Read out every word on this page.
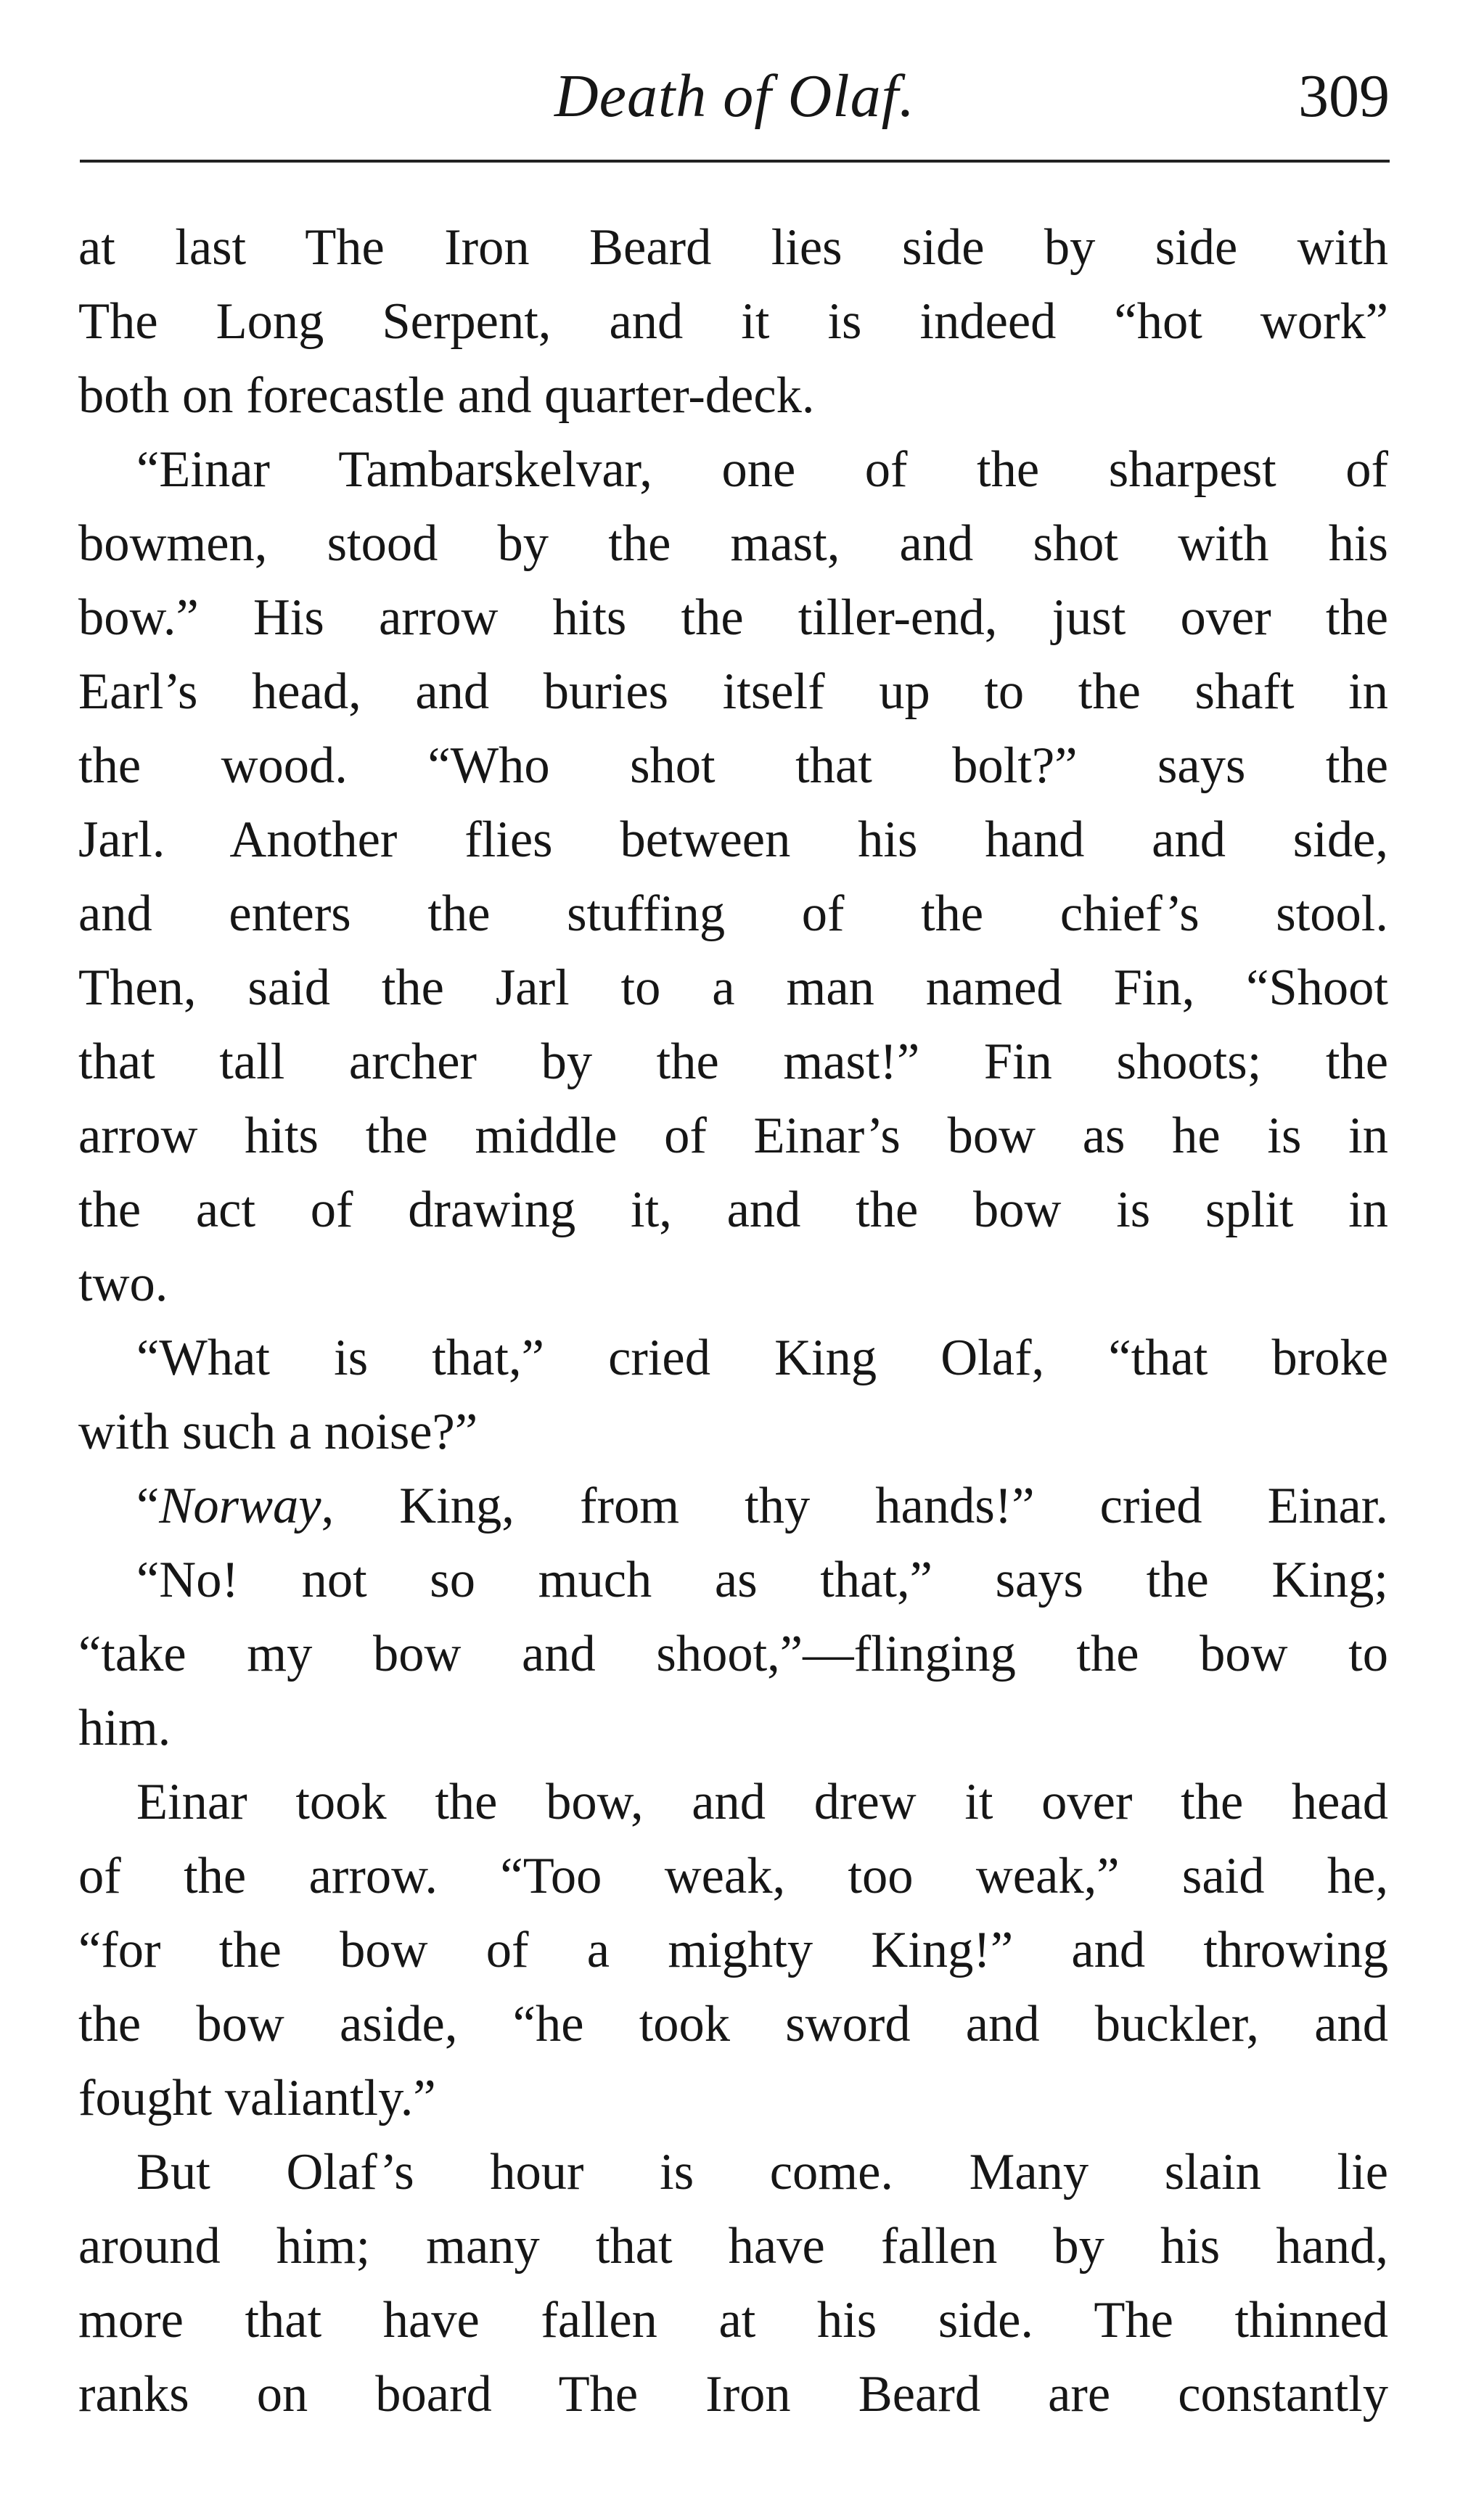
Death of Olaf.	309
at last The Iron Beard lies side by side with
The Long Serpent, and it is indeed “hot work”
both on forecastle and quarter-deck.
“Einar Tambarskelvar, one of the sharpest of
bowmen, stood by the mast, and shot with his
bow.” His arrow hits the tiller-end, just over the
Earl’s head, and buries itself up to the shaft in
the wood. “Who shot that bolt?” says the
Jarl. Another flies between his hand and side,
and enters the stuffing of the chief’s stool.
Then, said the Jarl to a man named Fin, “Shoot
that tall archer by the mast!” Fin shoots; the
arrow hits the middle of Einar’s bow as he is in
the act of drawing it, and the bow is split in
two.
“What is that,” cried King Olaf, “that broke
with such a noise?”
“Norway, King, from thy hands!” cried Einar.
“No! not so much as that,” says the King;
“take my bow and shoot,”—flinging the bow to
him.
Einar took the bow, and drew it over the head
of the arrow. “Too weak, too weak,” said he,
“for the bow of a mighty King!” and throwing
the bow aside, “he took sword and buckler, and
fought valiantly.”
But Olaf’s hour is come. Many slain lie
around him; many that have fallen by his hand,
more that have fallen at his side. The thinned
ranks on board The Iron Beard are constantly
